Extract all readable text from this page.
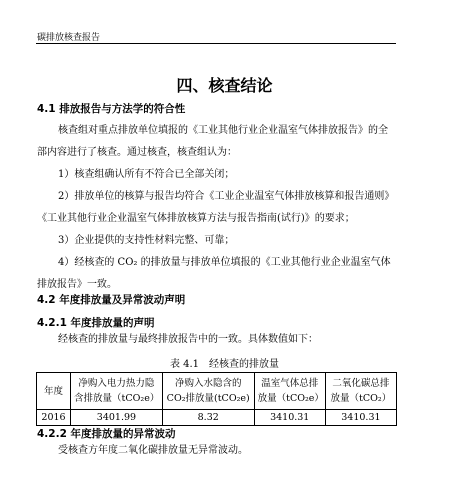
碳排放核查报告
四、核查结论
4.1 排放报告与方法学的符合性
核查组对重点排放单位填报的《工业其他行业企业温室气体排放报告》的全
部内容进行了核查。通过核查，核查组认为：
1）核查组确认所有不符合已全部关闭；
2）排放单位的核算与报告均符合《工业企业温室气体排放核算和报告通则》
《工业其他行业企业温室气体排放核算方法与报告指南(试行)》的要求；
3）企业提供的支持性材料完整、可靠；
4）经核查的 CO₂ 的排放量与排放单位填报的《工业其他行业企业温室气体
排放报告》一致。
4.2 年度排放量及异常波动声明
4.2.1 年度排放量的声明
经核查的排放量与最终排放报告中的一致。具体数值如下：
表 4.1　经核查的排放量
年度	净购入电力热力隐含排放量（tCO₂e）	净购入水隐含的CO₂排放量(tCO₂e)	温室气体总排放量（tCO₂e）	二氧化碳总排放量（tCO₂）
2016	3401.99	8.32	3410.31	3410.31
4.2.2 年度排放量的异常波动
受核查方年度二氧化碳排放量无异常波动。
